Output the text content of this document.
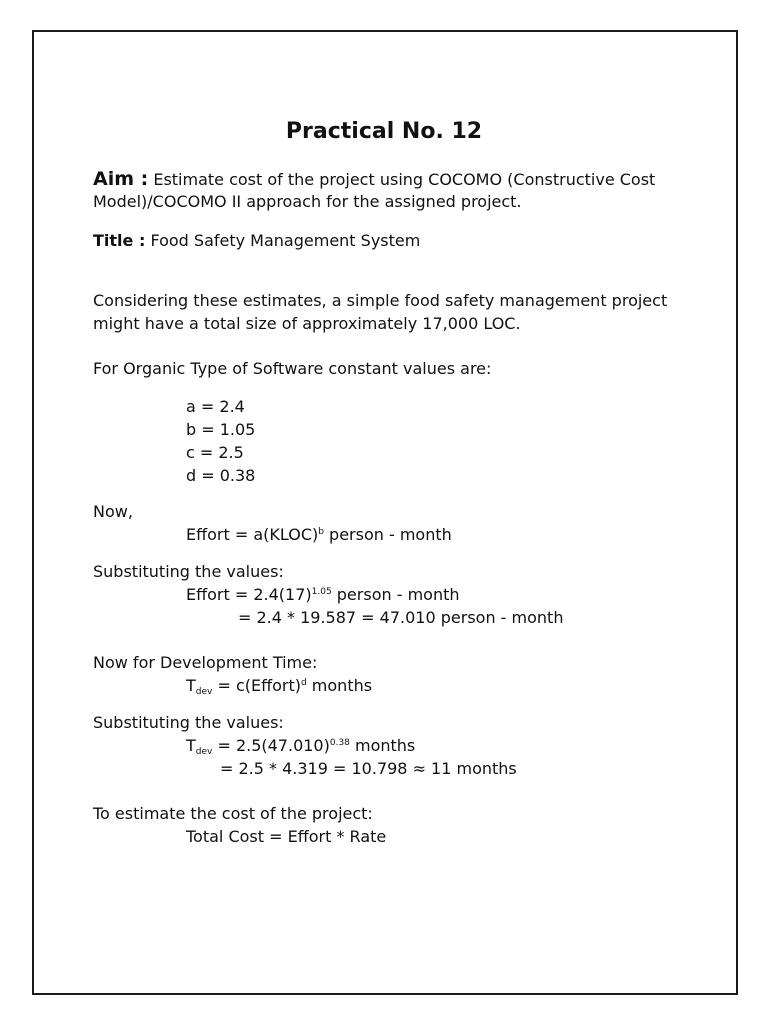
Practical No. 12
Aim : Estimate cost of the project using COCOMO (Constructive Cost
Model)/COCOMO II approach for the assigned project.
Title : Food Safety Management System
Considering these estimates, a simple food safety management project
might have a total size of approximately 17,000 LOC.
For Organic Type of Software constant values are:
a = 2.4
b = 1.05
c = 2.5
d = 0.38
Now,
Effort = a(KLOC)$^b$ person - month
Substituting the values:
Effort = $2.4(17)^{1.05}$ person - month
= 2.4 * 19.587 = 47.010 person - month
Now for Development Time:
$T_{dev}$ = c(Effort)$^d$ months
Substituting the values:
$T_{dev} = 2.5(47.010)^{0.38}$ months
= 2.5 * 4.319 = 10.798 ≈ 11 months
To estimate the cost of the project:
Total Cost = Effort * Rate
